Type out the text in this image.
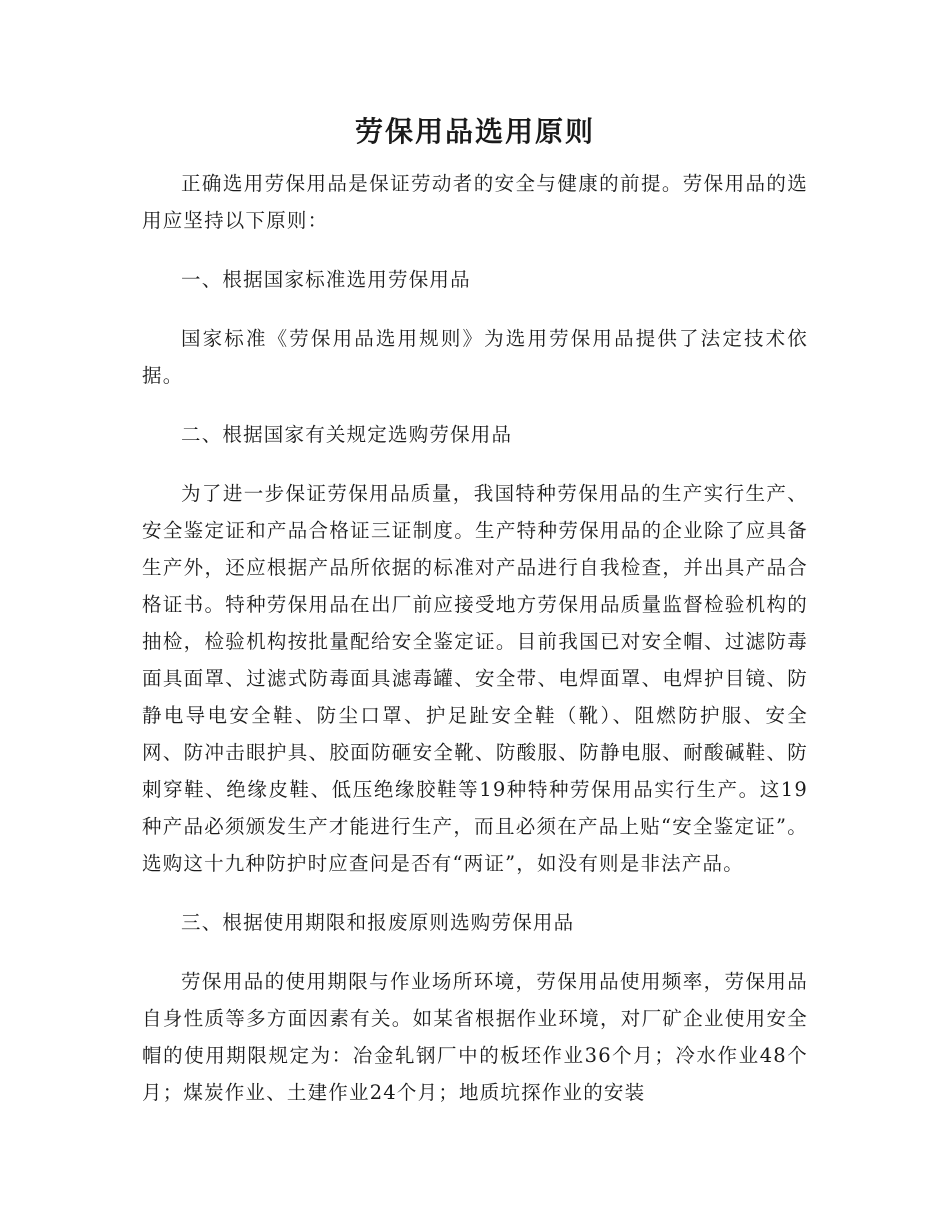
劳保用品选用原则

正确选用劳保用品是保证劳动者的安全与健康的前提。劳保用品的选用应坚持以下原则：

一、根据国家标准选用劳保用品

国家标准《劳保用品选用规则》为选用劳保用品提供了法定技术依据。

二、根据国家有关规定选购劳保用品

为了进一步保证劳保用品质量，我国特种劳保用品的生产实行生产、安全鉴定证和产品合格证三证制度。生产特种劳保用品的企业除了应具备生产外，还应根据产品所依据的标准对产品进行自我检查，并出具产品合格证书。特种劳保用品在出厂前应接受地方劳保用品质量监督检验机构的抽检，检验机构按批量配给安全鉴定证。目前我国已对安全帽、过滤防毒面具面罩、过滤式防毒面具滤毒罐、安全带、电焊面罩、电焊护目镜、防静电导电安全鞋、防尘口罩、护足趾安全鞋（靴）、阻燃防护服、安全网、防冲击眼护具、胶面防砸安全靴、防酸服、防静电服、耐酸碱鞋、防刺穿鞋、绝缘皮鞋、低压绝缘胶鞋等19种特种劳保用品实行生产。这19种产品必须颁发生产才能进行生产，而且必须在产品上贴“安全鉴定证”。选购这十九种防护时应查问是否有“两证”，如没有则是非法产品。

三、根据使用期限和报废原则选购劳保用品

劳保用品的使用期限与作业场所环境，劳保用品使用频率，劳保用品自身性质等多方面因素有关。如某省根据作业环境，对厂矿企业使用安全帽的使用期限规定为：冶金轧钢厂中的板坯作业36个月；冷水作业48个月；煤炭作业、土建作业24个月；地质坑探作业的安装
